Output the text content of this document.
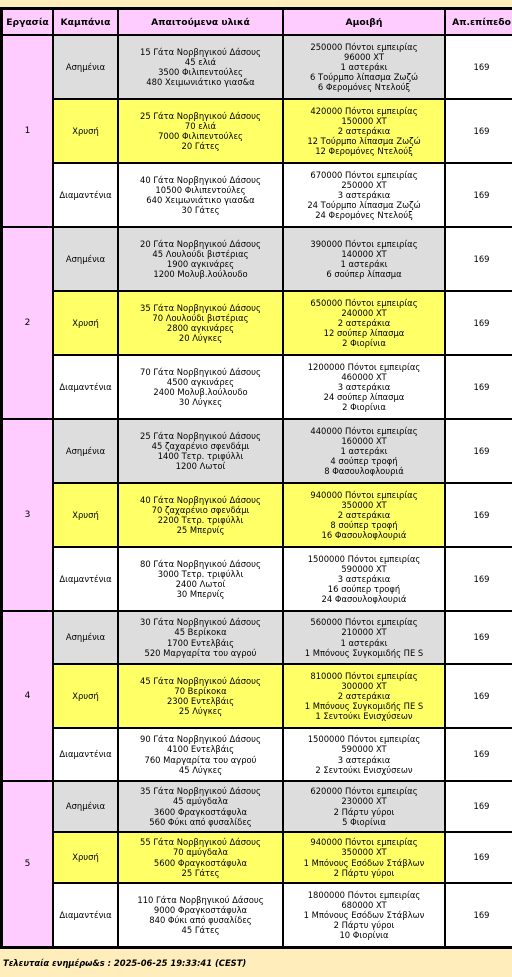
Εργασία	Καμπάνια	Απαιτούμενα υλικά	Αμοιβή	Απ.επίπεδο
1	Ασημένια	15 Γάτα Νορβηγικού Δάσους
45 ελιά
3500 Φιλιπεντούλες
480 Χειμωνιάτικο γιασ&α	250000 Πόντοι εμπειρίας
96000 XT
1 αστεράκι
6 Τούρμπο λίπασμα Ζωζώ
6 Φερομόνες Ντελούξ	169
	Χρυσή	25 Γάτα Νορβηγικού Δάσους
70 ελιά
7000 Φιλιπεντούλες
20 Γάτες	420000 Πόντοι εμπειρίας
150000 XT
2 αστεράκια
12 Τούρμπο λίπασμα Ζωζώ
12 Φερομόνες Ντελούξ	169
	Διαμαντένια	40 Γάτα Νορβηγικού Δάσους
10500 Φιλιπεντούλες
640 Χειμωνιάτικο γιασ&α
30 Γάτες	670000 Πόντοι εμπειρίας
250000 XT
3 αστεράκια
24 Τούρμπο λίπασμα Ζωζώ
24 Φερομόνες Ντελούξ	169
2	Ασημένια	20 Γάτα Νορβηγικού Δάσους
45 Λουλούδι βιστέριας
1900 αγκινάρες
1200 Μολυβ.λούλουδο	390000 Πόντοι εμπειρίας
140000 XT
1 αστεράκι
6 σούπερ λίπασμα	169
	Χρυσή	35 Γάτα Νορβηγικού Δάσους
70 Λουλούδι βιστέριας
2800 αγκινάρες
20 Λύγκες	650000 Πόντοι εμπειρίας
240000 XT
2 αστεράκια
12 σούπερ λίπασμα
2 Φιορίνια	169
	Διαμαντένια	70 Γάτα Νορβηγικού Δάσους
4500 αγκινάρες
2400 Μολυβ.λούλουδο
30 Λύγκες	1200000 Πόντοι εμπειρίας
460000 XT
3 αστεράκια
24 σούπερ λίπασμα
2 Φιορίνια	169
3	Ασημένια	25 Γάτα Νορβηγικού Δάσους
45 ζαχαρένιο σφενδάμι
1400 Τετρ. τριφύλλι
1200 Λωτοί	440000 Πόντοι εμπειρίας
160000 XT
1 αστεράκι
4 σούπερ τροφή
8 Φασουλοφλουριά	169
	Χρυσή	40 Γάτα Νορβηγικού Δάσους
70 ζαχαρένιο σφενδάμι
2200 Τετρ. τριφύλλι
25 Μπερνίς	940000 Πόντοι εμπειρίας
350000 XT
2 αστεράκια
8 σούπερ τροφή
16 Φασουλοφλουριά	169
	Διαμαντένια	80 Γάτα Νορβηγικού Δάσους
3000 Τετρ. τριφύλλι
2400 Λωτοί
30 Μπερνίς	1500000 Πόντοι εμπειρίας
590000 XT
3 αστεράκια
16 σούπερ τροφή
24 Φασουλοφλουριά	169
4	Ασημένια	30 Γάτα Νορβηγικού Δάσους
45 Βερίκοκα
1700 Εντελβάις
520 Μαργαρίτα του αγρού	560000 Πόντοι εμπειρίας
210000 XT
1 αστεράκι
1 Μπόνους Συγκομιδής ΠΕ S	169
	Χρυσή	45 Γάτα Νορβηγικού Δάσους
70 Βερίκοκα
2300 Εντελβάις
25 Λύγκες	810000 Πόντοι εμπειρίας
300000 XT
2 αστεράκια
1 Μπόνους Συγκομιδής ΠΕ S
1 Σεντούκι Ενισχύσεων	169
	Διαμαντένια	90 Γάτα Νορβηγικού Δάσους
4100 Εντελβάις
760 Μαργαρίτα του αγρού
45 Λύγκες	1500000 Πόντοι εμπειρίας
590000 XT
3 αστεράκια
2 Σεντούκι Ενισχύσεων	169
5	Ασημένια	35 Γάτα Νορβηγικού Δάσους
45 αμύγδαλα
3600 Φραγκοστάφυλα
560 Φύκι από φυσαλίδες	620000 Πόντοι εμπειρίας
230000 XT
2 Πάρτυ γύροι
5 Φιορίνια	169
	Χρυσή	55 Γάτα Νορβηγικού Δάσους
70 αμύγδαλα
5600 Φραγκοστάφυλα
25 Γάτες	940000 Πόντοι εμπειρίας
350000 XT
1 Μπόνους Εσόδων Στάβλων
2 Πάρτυ γύροι	169
	Διαμαντένια	110 Γάτα Νορβηγικού Δάσους
9000 Φραγκοστάφυλα
840 Φύκι από φυσαλίδες
45 Γάτες	1800000 Πόντοι εμπειρίας
680000 XT
1 Μπόνους Εσόδων Στάβλων
2 Πάρτυ γύροι
10 Φιορίνια	169
Τελευταία ενημέρω&s : 2025-06-25 19:33:41 (CEST)
